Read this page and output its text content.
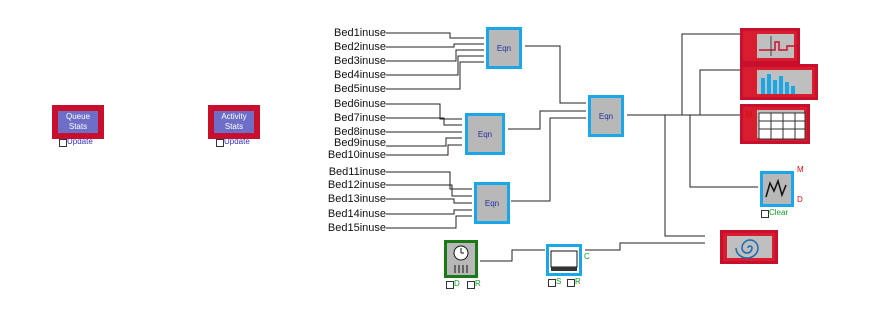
Queue
Stats
Update
Activity
Stats
Update
Bed1inuse
Bed2inuse
Bed3inuse
Bed4inuse
Bed5inuse
Bed6inuse
Bed7inuse
Bed8inuse
Bed9inuse
Bed10inuse
Bed11inuse
Bed12inuse
Bed13inuse
Bed14inuse
Bed15inuse
Eqn
Eqn
Eqn
Eqn	M
M
D
Clear
D R
C
S R
